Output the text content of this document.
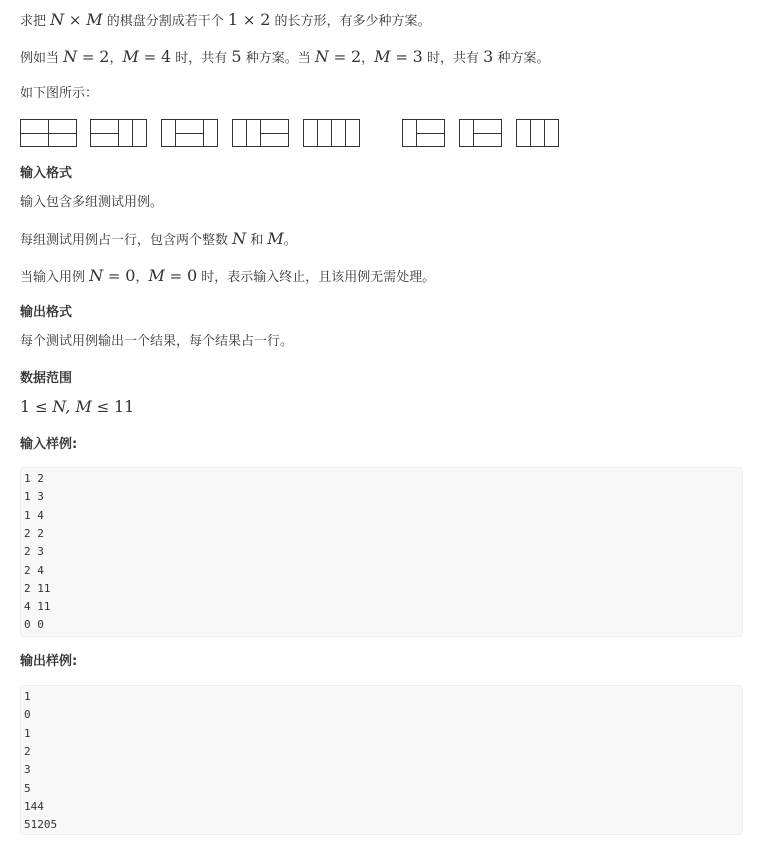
求把 N × M 的棋盘分割成若干个 1 × 2 的长方形，有多少种方案。
例如当 N = 2，M = 4 时，共有 5 种方案。当 N = 2，M = 3 时，共有 3 种方案。
如下图所示：
输入格式
输入包含多组测试用例。
每组测试用例占一行，包含两个整数 N 和 M。
当输入用例 N = 0，M = 0 时，表示输入终止，且该用例无需处理。
输出格式
每个测试用例输出一个结果，每个结果占一行。
数据范围
1 ≤ N, M ≤ 11
输入样例:
1 2
1 3
1 4
2 2
2 3
2 4
2 11
4 11
0 0
输出样例:
1
0
1
2
3
5
144
51205
